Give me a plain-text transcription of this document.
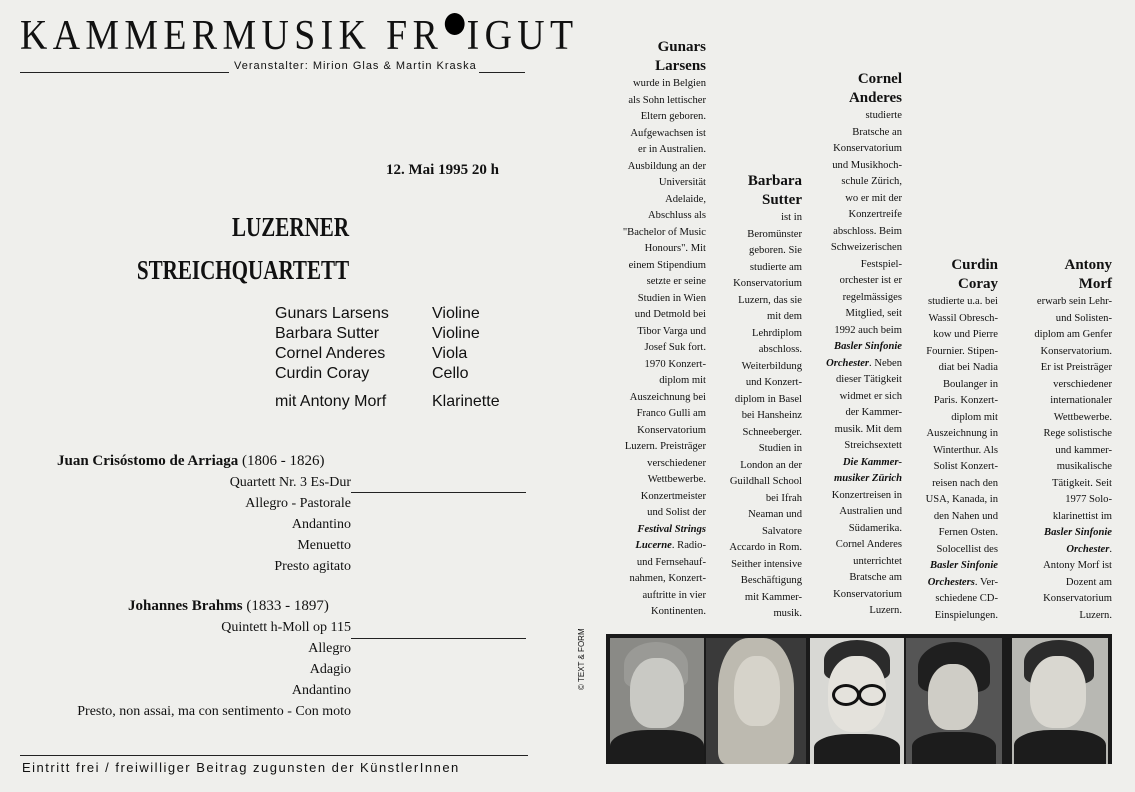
KAMMERMUSIK FR IGUT
Veranstalter: Mirion Glas & Martin Kraska
12. Mai 1995 20 h
LUZERNER
STREICHQUARTETT
Gunars Larsens	Violine
Barbara Sutter	Violine
Cornel Anderes	Viola
Curdin Coray	Cello
mit Antony Morf	Klarinette
Juan Crisóstomo de Arriaga (1806 - 1826)
Quartett Nr. 3 Es-Dur
Allegro - Pastorale
Andantino
Menuetto
Presto agitato
Johannes Brahms (1833 - 1897)
Quintett h-Moll op 115
Allegro
Adagio
Andantino
Presto, non assai, ma con sentimento - Con moto
Eintritt frei / freiwilliger Beitrag zugunsten der KünstlerInnen
© TEXT & FORM
Gunars
Larsens
wurde in Belgien
als Sohn lettischer
Eltern geboren.
Aufgewachsen ist
er in Australien.
Ausbildung an der
Universität
Adelaide,
Abschluss als
"Bachelor of Music
Honours". Mit
einem Stipendium
setzte er seine
Studien in Wien
und Detmold bei
Tibor Varga und
Josef Suk fort.
1970 Konzert-
diplom mit
Auszeichnung bei
Franco Gulli am
Konservatorium
Luzern. Preisträger
verschiedener
Wettbewerbe.
Konzertmeister
und Solist der
Festival Strings
Lucerne. Radio-
und Fernsehauf-
nahmen, Konzert-
auftritte in vier
Kontinenten.
Barbara
Sutter
ist in
Beromünster
geboren. Sie
studierte am
Konservatorium
Luzern, das sie
mit dem
Lehrdiplom
abschloss.
Weiterbildung
und Konzert-
diplom in Basel
bei Hansheinz
Schneeberger.
Studien in
London an der
Guildhall School
bei Ifrah
Neaman und
Salvatore
Accardo in Rom.
Seither intensive
Beschäftigung
mit Kammer-
musik.
Cornel
Anderes
studierte
Bratsche an
Konservatorium
und Musikhoch-
schule Zürich,
wo er mit der
Konzertreife
abschloss. Beim
Schweizerischen
Festspiel-
orchester ist er
regelmässiges
Mitglied, seit
1992 auch beim
Basler Sinfonie
Orchester. Neben
dieser Tätigkeit
widmet er sich
der Kammer-
musik. Mit dem
Streichsextett
Die Kammer-
musiker Zürich
Konzertreisen in
Australien und
Südamerika.
Cornel Anderes
unterrichtet
Bratsche am
Konservatorium
Luzern.
Curdin
Coray
studierte u.a. bei
Wassil Obresch-
kow und Pierre
Fournier. Stipen-
diat bei Nadia
Boulanger in
Paris. Konzert-
diplom mit
Auszeichnung in
Winterthur. Als
Solist Konzert-
reisen nach den
USA, Kanada, in
den Nahen und
Fernen Osten.
Solocellist des
Basler Sinfonie
Orchesters. Ver-
schiedene CD-
Einspielungen.
Antony
Morf
erwarb sein Lehr-
und Solisten-
diplom am Genfer
Konservatorium.
Er ist Preisträger
verschiedener
internationaler
Wettbewerbe.
Rege solistische
und kammer-
musikalische
Tätigkeit. Seit
1977 Solo-
klarinettist im
Basler Sinfonie
Orchester.
Antony Morf ist
Dozent am
Konservatorium
Luzern.
